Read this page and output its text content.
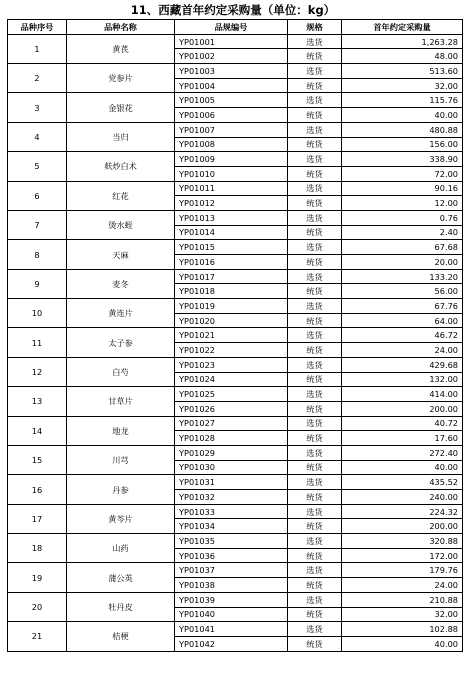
11、西藏首年约定采购量（单位：kg）
品种序号	品种名称	品规编号	规格	首年约定采购量
1	黄芪	YP01001	选货	1,263.28
		YP01002	统货	48.00
2	党参片	YP01003	选货	513.60
		YP01004	统货	32.00
3	金银花	YP01005	选货	115.76
		YP01006	统货	40.00
4	当归	YP01007	选货	480.88
		YP01008	统货	156.00
5	麸炒白术	YP01009	选货	338.90
		YP01010	统货	72.00
6	红花	YP01011	选货	90.16
		YP01012	统货	12.00
7	烫水蛭	YP01013	选货	0.76
		YP01014	统货	2.40
8	天麻	YP01015	选货	67.68
		YP01016	统货	20.00
9	麦冬	YP01017	选货	133.20
		YP01018	统货	56.00
10	黄连片	YP01019	选货	67.76
		YP01020	统货	64.00
11	太子参	YP01021	选货	46.72
		YP01022	统货	24.00
12	白芍	YP01023	选货	429.68
		YP01024	统货	132.00
13	甘草片	YP01025	选货	414.00
		YP01026	统货	200.00
14	地龙	YP01027	选货	40.72
		YP01028	统货	17.60
15	川芎	YP01029	选货	272.40
		YP01030	统货	40.00
16	丹参	YP01031	选货	435.52
		YP01032	统货	240.00
17	黄芩片	YP01033	选货	224.32
		YP01034	统货	200.00
18	山药	YP01035	选货	320.88
		YP01036	统货	172.00
19	蒲公英	YP01037	选货	179.76
		YP01038	统货	24.00
20	牡丹皮	YP01039	选货	210.88
		YP01040	统货	32.00
21	桔梗	YP01041	选货	102.88
		YP01042	统货	40.00
